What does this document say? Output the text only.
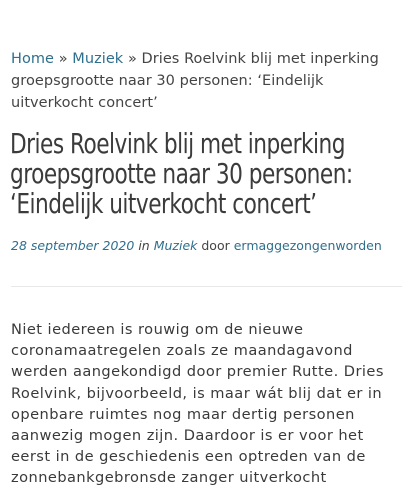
Home » Muziek » Dries Roelvink blij met inperking groepsgrootte naar 30 personen: ‘Eindelijk uitverkocht concert’
Dries Roelvink blij met inperking groepsgrootte naar 30 personen: ‘Eindelijk uitverkocht concert’
28 september 2020 in Muziek door ermaggezongenworden

Niet iedereen is rouwig om de nieuwe coronamaatregelen zoals ze maandagavond werden aangekondigd door premier Rutte. Dries Roelvink, bijvoorbeeld, is maar wát blij dat er in openbare ruimtes nog maar dertig personen aanwezig mogen zijn. Daardoor is er voor het eerst in de geschiedenis een optreden van de zonnebankgebronsde zanger uitverkocht
